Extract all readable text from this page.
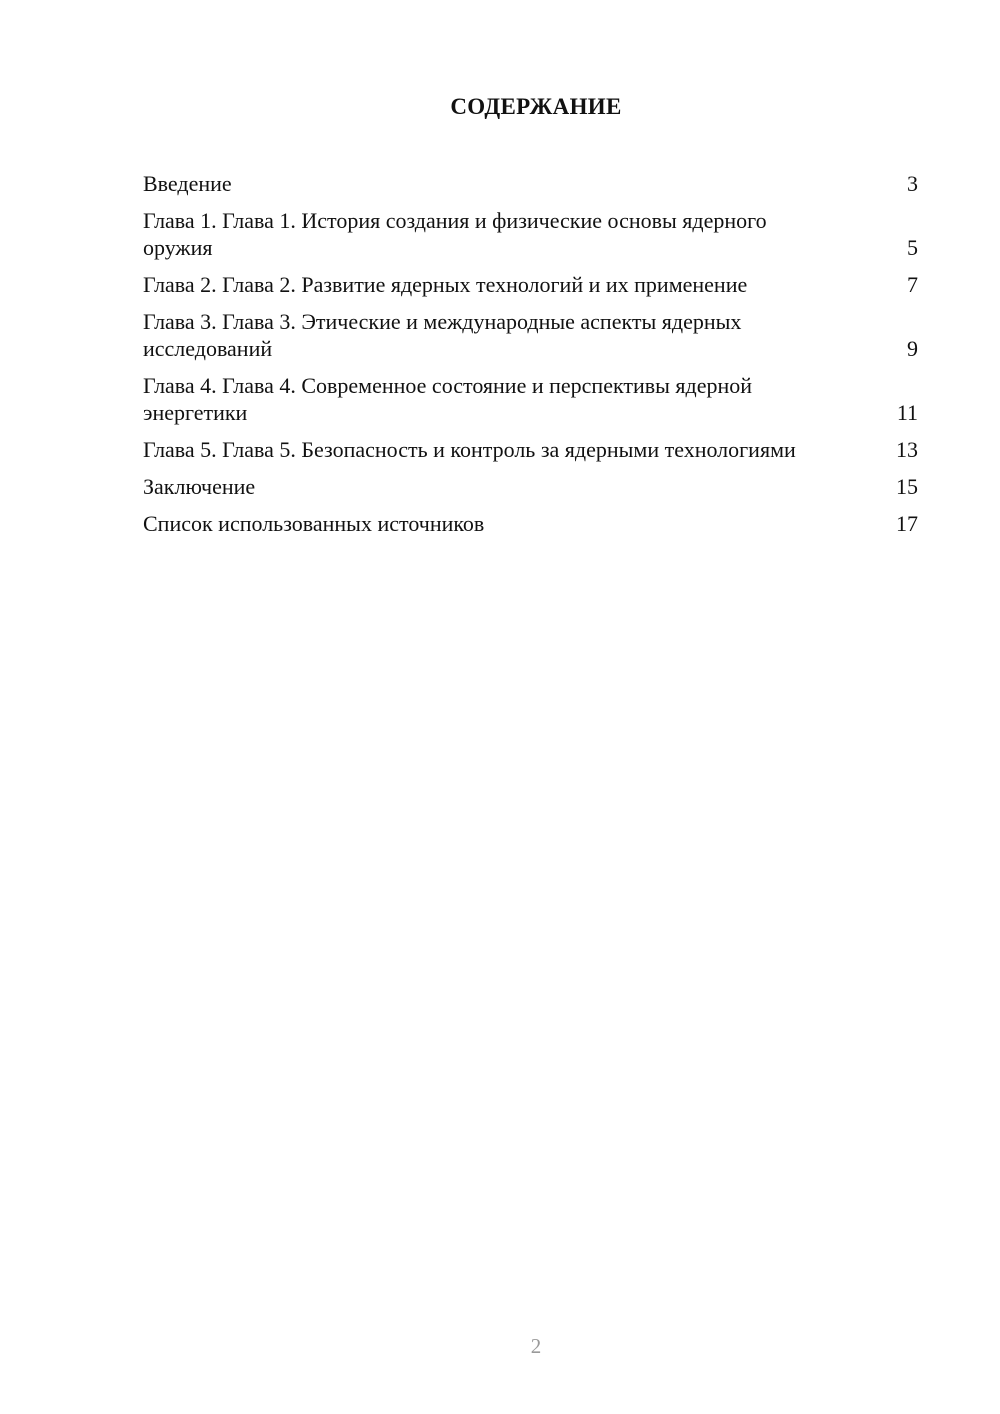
СОДЕРЖАНИЕ
Введение	3
Глава 1. Глава 1. История создания и физические основы ядерного оружия	5
Глава 2. Глава 2. Развитие ядерных технологий и их применение	7
Глава 3. Глава 3. Этические и международные аспекты ядерных исследований	9
Глава 4. Глава 4. Современное состояние и перспективы ядерной энергетики	11
Глава 5. Глава 5. Безопасность и контроль за ядерными технологиями	13
Заключение	15
Список использованных источников	17
2
